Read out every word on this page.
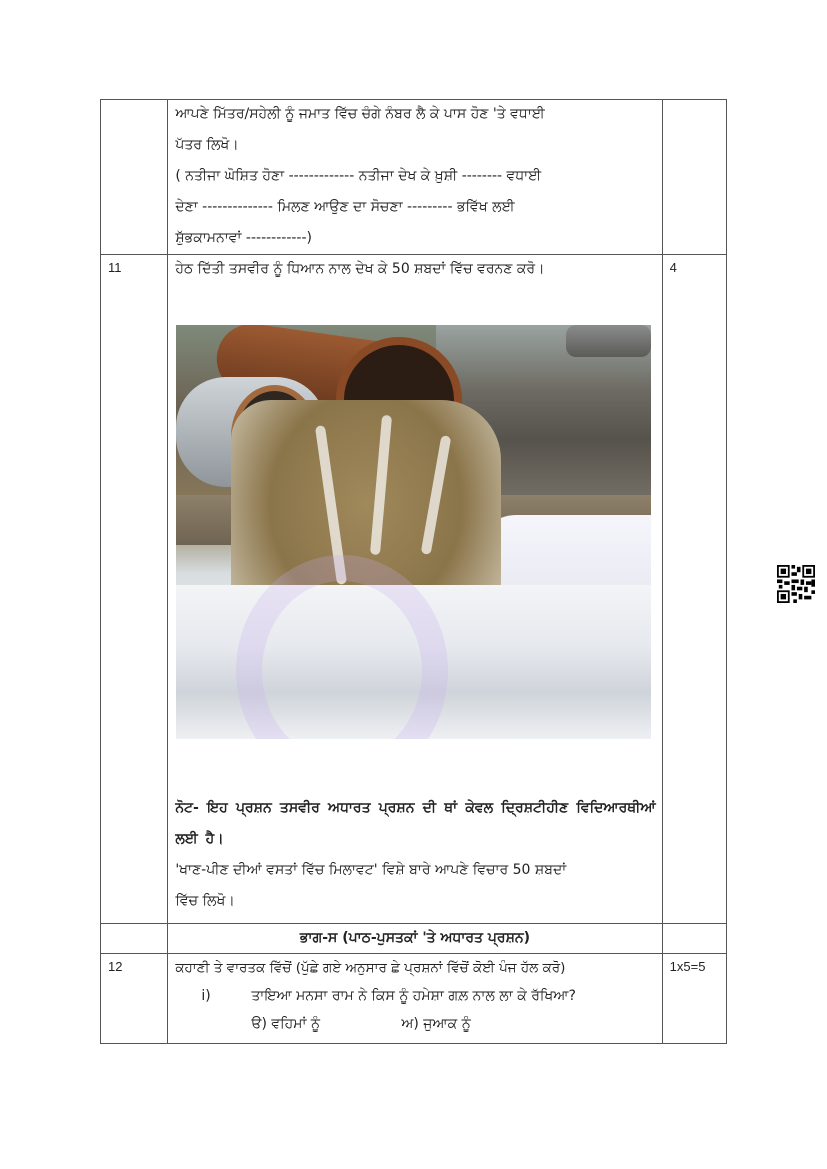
	ਆਪਣੇ ਮਿੱਤਰ/ਸਹੇਲੀ ਨੂੰ ਜਮਾਤ ਵਿੱਚ ਚੰਗੇ ਨੰਬਰ ਲੈ ਕੇ ਪਾਸ ਹੋਣ 'ਤੇ ਵਧਾਈ

ਪੱਤਰ ਲਿਖੋ।

( ਨਤੀਜਾ ਘੋਸ਼ਿਤ ਹੋਣਾ ------------- ਨਤੀਜਾ ਦੇਖ ਕੇ ਖ਼ੁਸ਼ੀ -------- ਵਧਾਈ

ਦੇਣਾ -------------- ਮਿਲਣ ਆਉਣ ਦਾ ਸੋਚਣਾ --------- ਭਵਿੱਖ ਲਈ

ਸ਼ੁੱਭਕਾਮਨਾਵਾਂ ------------)	

11	ਹੇਠ ਦਿੱਤੀ ਤਸਵੀਰ ਨੂੰ ਧਿਆਨ ਨਾਲ ਦੇਖ ਕੇ 50 ਸ਼ਬਦਾਂ ਵਿੱਚ ਵਰਨਣ ਕਰੋ।

ਨੋਟ- ਇਹ ਪ੍ਰਸ਼ਨ ਤਸਵੀਰ ਅਧਾਰਤ ਪ੍ਰਸ਼ਨ ਦੀ ਥਾਂ ਕੇਵਲ ਦ੍ਰਿਸ਼ਟੀਹੀਣ ਵਿਦਿਆਰਥੀਆਂ ਲਈ ਹੈ।

'ਖਾਣ-ਪੀਣ ਦੀਆਂ ਵਸਤਾਂ ਵਿੱਚ ਮਿਲਾਵਟ' ਵਿਸ਼ੇ ਬਾਰੇ ਆਪਣੇ ਵਿਚਾਰ 50 ਸ਼ਬਦਾਂ

ਵਿੱਚ ਲਿਖੋ।	4
	ਭਾਗ-ਸ (ਪਾਠ-ਪੁਸਤਕਾਂ 'ਤੇ ਅਧਾਰਤ ਪ੍ਰਸ਼ਨ)	
12	ਕਹਾਣੀ ਤੇ ਵਾਰਤਕ ਵਿੱਚੋਂ (ਪੁੱਛੇ ਗਏ ਅਨੁਸਾਰ ਛੇ ਪ੍ਰਸ਼ਨਾਂ ਵਿੱਚੋਂ ਕੋਈ ਪੰਜ ਹੱਲ ਕਰੋ)

i) ਤਾਇਆ ਮਨਸਾ ਰਾਮ ਨੇ ਕਿਸ ਨੂੰ ਹਮੇਸ਼ਾ ਗਲ਼ ਨਾਲ ਲਾ ਕੇ ਰੱਖਿਆ?

ੳ) ਵਹਿਮਾਂ ਨੂੰ ਅ) ਜੁਆਕ ਨੂੰ	1x5=5
